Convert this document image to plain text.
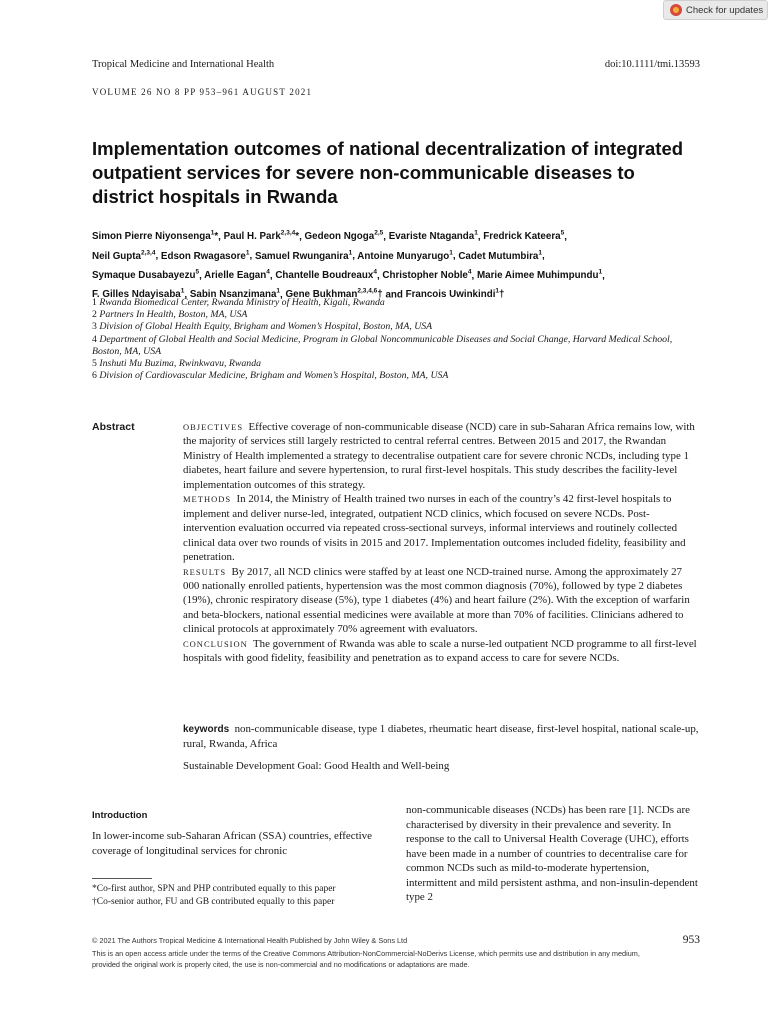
Check for updates
Tropical Medicine and International Health	doi:10.1111/tmi.13593
VOLUME 26 NO 8 PP 953–961 AUGUST 2021
Implementation outcomes of national decentralization of integrated outpatient services for severe non-communicable diseases to district hospitals in Rwanda
Simon Pierre Niyonsenga$^1$*, Paul H. Park$^{2,3,4}$*, Gedeon Ngoga$^{2,5}$, Evariste Ntaganda$^1$, Fredrick Kateera$^5$,
Neil Gupta$^{2,3,4}$, Edson Rwagasore$^1$, Samuel Rwunganira$^1$, Antoine Munyarugo$^1$, Cadet Mutumbira$^1$,
Symaque Dusabayezu$^5$, Arielle Eagan$^4$, Chantelle Boudreaux$^4$, Christopher Noble$^4$, Marie Aimee Muhimpundu$^1$,
F. Gilles Ndayisaba$^1$, Sabin Nsanzimana$^1$, Gene Bukhman$^{2,3,4,6}$† and Francois Uwinkindi$^1$†
1 Rwanda Biomedical Center, Rwanda Ministry of Health, Kigali, Rwanda
2 Partners In Health, Boston, MA, USA
3 Division of Global Health Equity, Brigham and Women’s Hospital, Boston, MA, USA
4 Department of Global Health and Social Medicine, Program in Global Noncommunicable Diseases and Social Change, Harvard Medical School, Boston, MA, USA
5 Inshuti Mu Buzima, Rwinkwavu, Rwanda
6 Division of Cardiovascular Medicine, Brigham and Women’s Hospital, Boston, MA, USA
Abstract	OBJECTIVES Effective coverage of non-communicable disease (NCD) care in sub-Saharan Africa remains low, with the majority of services still largely restricted to central referral centres. Between 2015 and 2017, the Rwandan Ministry of Health implemented a strategy to decentralise outpatient care for severe chronic NCDs, including type 1 diabetes, heart failure and severe hypertension, to rural first-level hospitals. This study describes the facility-level implementation outcomes of this strategy.
METHODS In 2014, the Ministry of Health trained two nurses in each of the country’s 42 first-level hospitals to implement and deliver nurse-led, integrated, outpatient NCD clinics, which focused on severe NCDs. Post-intervention evaluation occurred via repeated cross-sectional surveys, informal interviews and routinely collected clinical data over two rounds of visits in 2015 and 2017. Implementation outcomes included fidelity, feasibility and penetration.
RESULTS By 2017, all NCD clinics were staffed by at least one NCD-trained nurse. Among the approximately 27 000 nationally enrolled patients, hypertension was the most common diagnosis (70%), followed by type 2 diabetes (19%), chronic respiratory disease (5%), type 1 diabetes (4%) and heart failure (2%). With the exception of warfarin and beta-blockers, national essential medicines were available at more than 70% of facilities. Clinicians adhered to clinical protocols at approximately 70% agreement with evaluators.
CONCLUSION The government of Rwanda was able to scale a nurse-led outpatient NCD programme to all first-level hospitals with good fidelity, feasibility and penetration as to expand access to care for severe NCDs.
keywords non-communicable disease, type 1 diabetes, rheumatic heart disease, first-level hospital, national scale-up, rural, Rwanda, Africa
Sustainable Development Goal: Good Health and Well-being
Introduction
In lower-income sub-Saharan African (SSA) countries, effective coverage of longitudinal services for chronic
*Co-first author, SPN and PHP contributed equally to this paper
†Co-senior author, FU and GB contributed equally to this paper
non-communicable diseases (NCDs) has been rare [1]. NCDs are characterised by diversity in their prevalence and severity. In response to the call to Universal Health Coverage (UHC), efforts have been made in a number of countries to decentralise care for common NCDs such as mild-to-moderate hypertension, intermittent and mild persistent asthma, and non-insulin-dependent type 2
© 2021 The Authors Tropical Medicine & International Health Published by John Wiley & Sons Ltd
This is an open access article under the terms of the Creative Commons Attribution-NonCommercial-NoDerivs License, which permits use and distribution in any medium, provided the original work is properly cited, the use is non-commercial and no modifications or adaptations are made.
953
